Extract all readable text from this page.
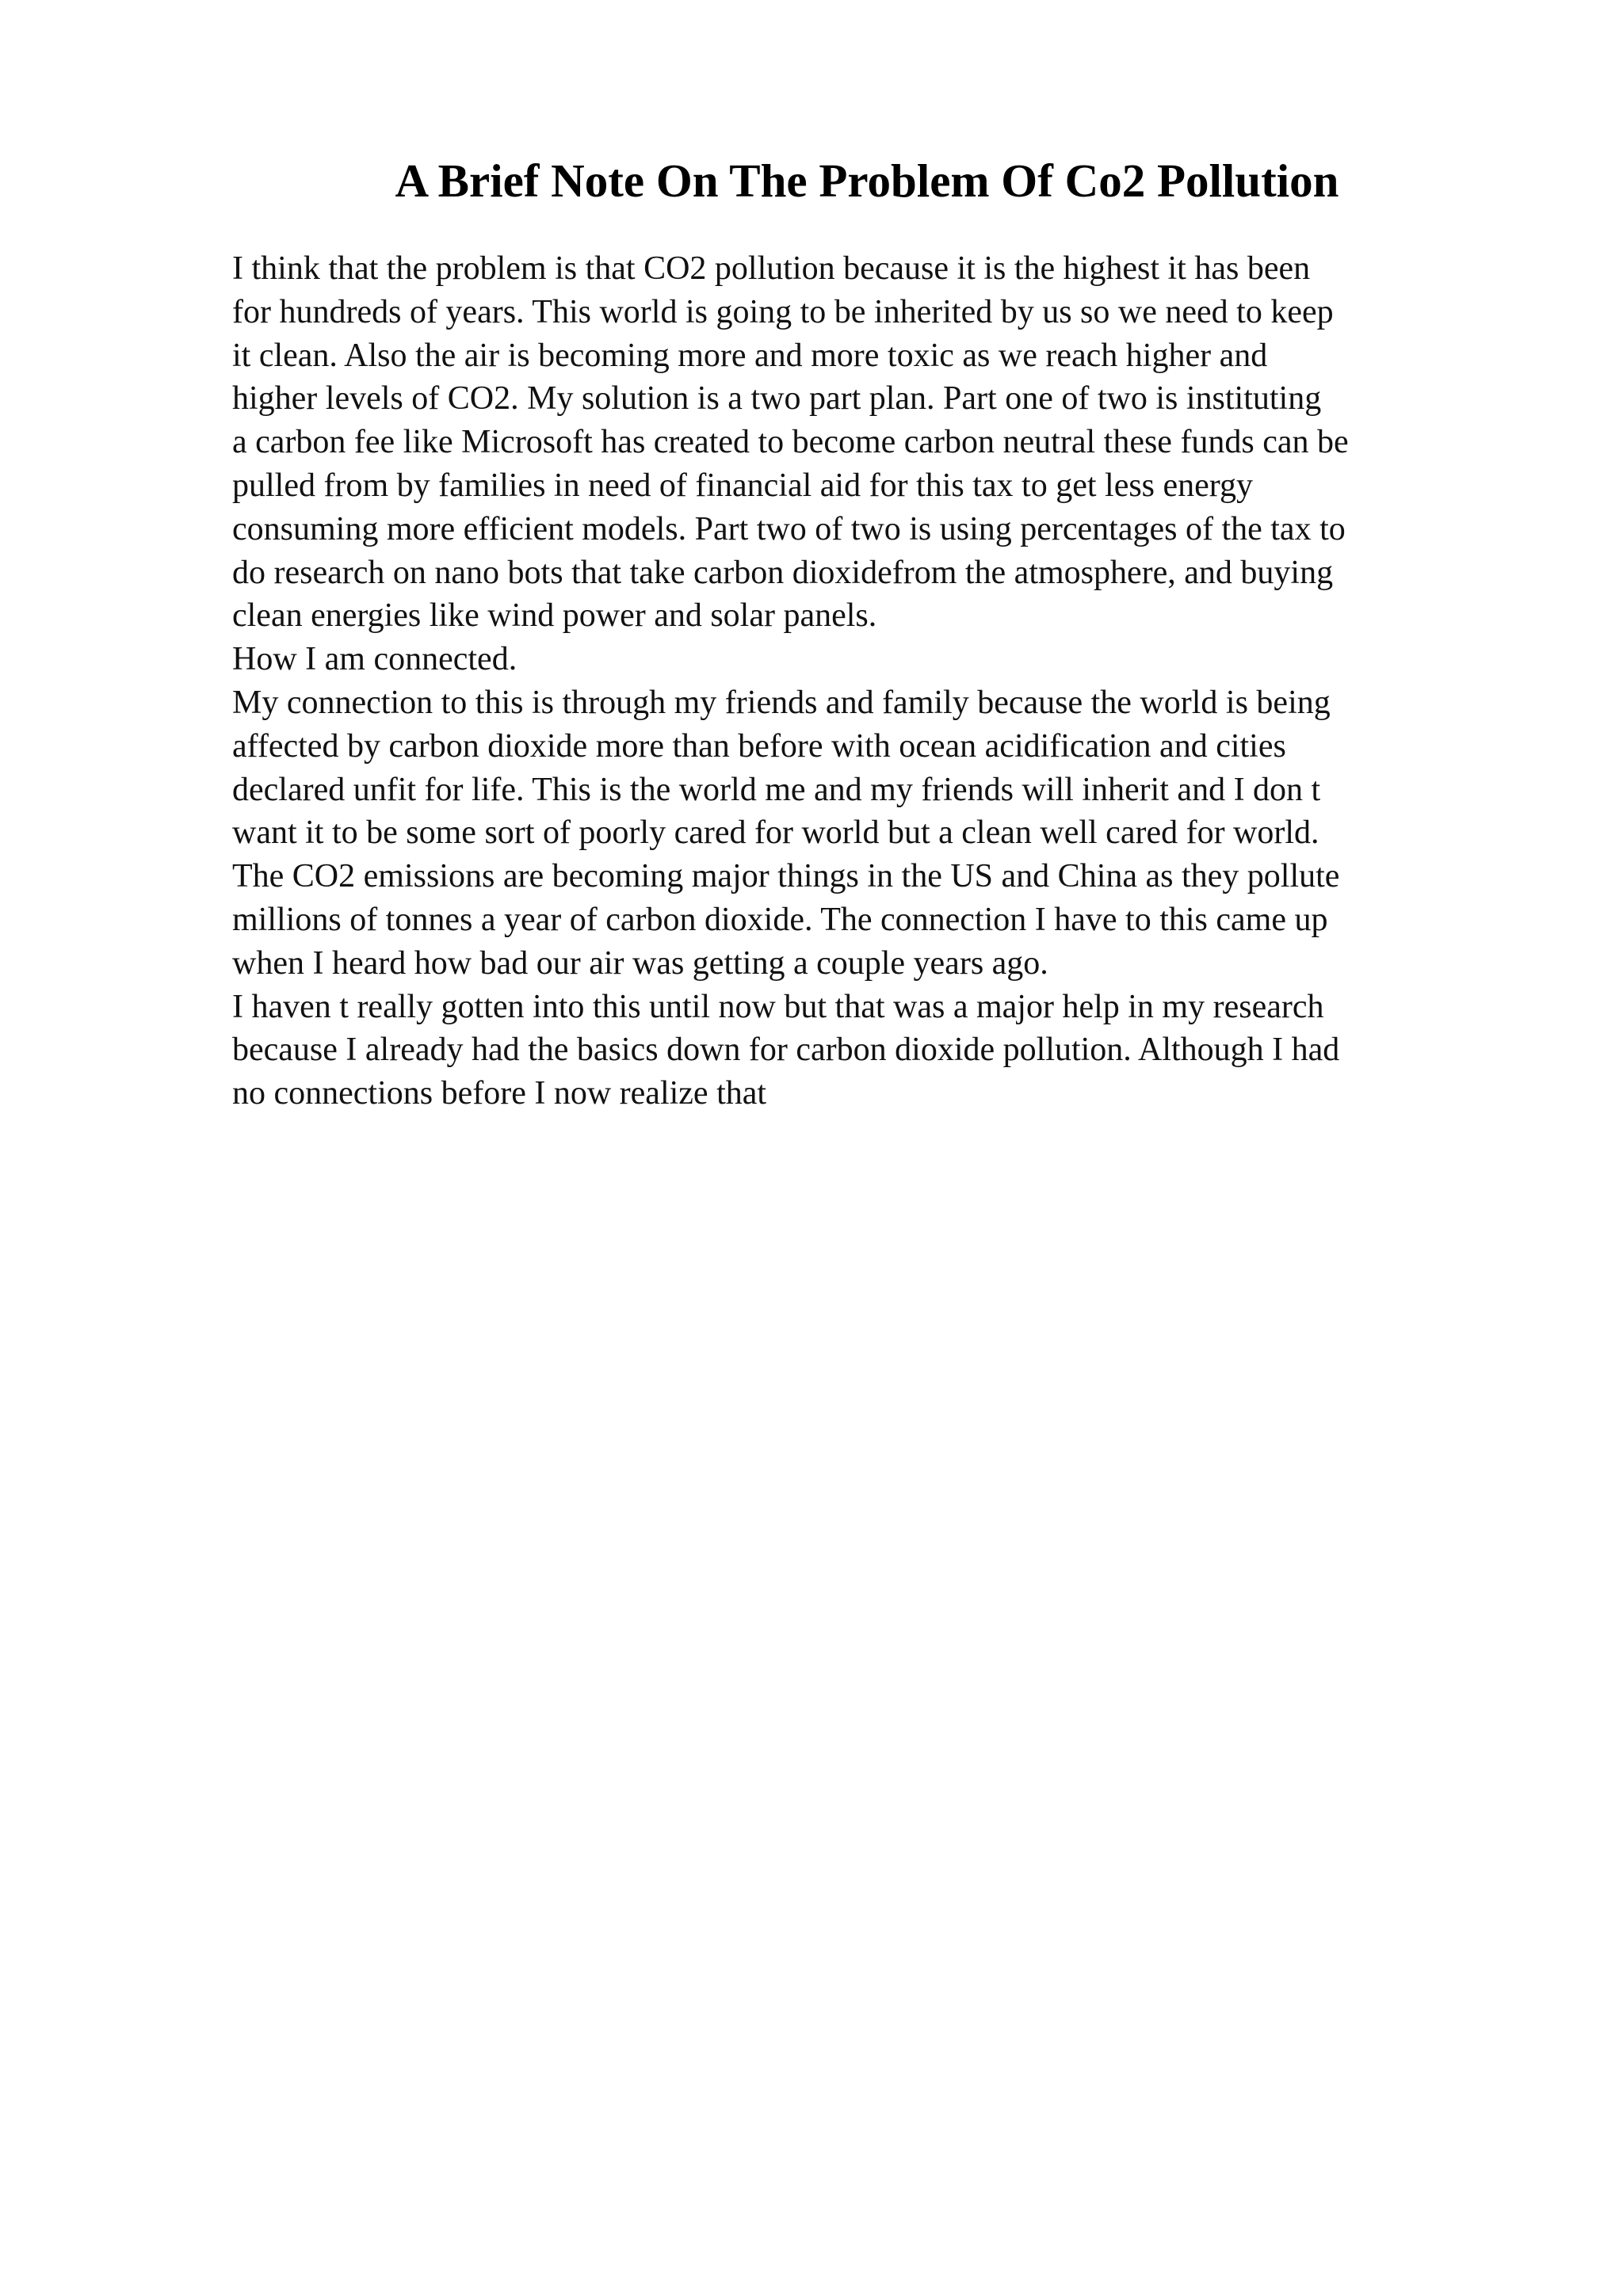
A Brief Note On The Problem Of Co2 Pollution
I think that the problem is that CO2 pollution because it is the highest it has been
for hundreds of years. This world is going to be inherited by us so we need to keep
it clean. Also the air is becoming more and more toxic as we reach higher and
higher levels of CO2. My solution is a two part plan. Part one of two is instituting
a carbon fee like Microsoft has created to become carbon neutral these funds can be
pulled from by families in need of financial aid for this tax to get less energy
consuming more efficient models. Part two of two is using percentages of the tax to
do research on nano bots that take carbon dioxidefrom the atmosphere, and buying
clean energies like wind power and solar panels.
How I am connected.
My connection to this is through my friends and family because the world is being
affected by carbon dioxide more than before with ocean acidification and cities
declared unfit for life. This is the world me and my friends will inherit and I don t
want it to be some sort of poorly cared for world but a clean well cared for world.
The CO2 emissions are becoming major things in the US and China as they pollute
millions of tonnes a year of carbon dioxide. The connection I have to this came up
when I heard how bad our air was getting a couple years ago.
I haven t really gotten into this until now but that was a major help in my research
because I already had the basics down for carbon dioxide pollution. Although I had
no connections before I now realize that
